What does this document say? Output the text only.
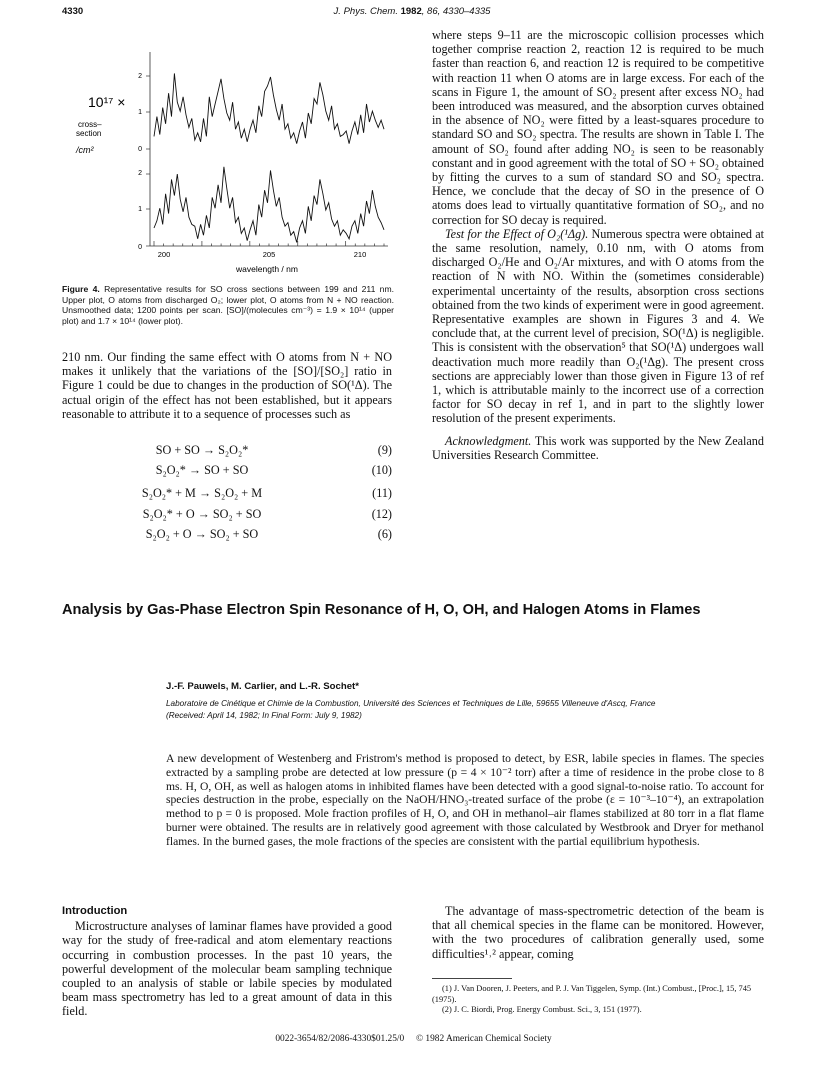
4330	J. Phys. Chem. 1982, 86, 4330–4335
10¹⁷ ×
cross–
section
/cm²
2
1
0
2
1
0
200	205	210
wavelength / nm
Figure 4. Representative results for SO cross sections between 199 and 211 nm. Upper plot, O atoms from discharged O₂; lower plot, O atoms from N + NO reaction. Unsmoothed data; 1200 points per scan. [SO]/(molecules cm⁻³) = 1.9 × 10¹⁴ (upper plot) and 1.7 × 10¹⁴ (lower plot).

210 nm. Our finding the same effect with O atoms from N + NO makes it unlikely that the variations of the [SO]/[SO₂] ratio in Figure 1 could be due to changes in the production of SO(¹Δ). The actual origin of the effect has not been established, but it appears reasonable to attribute it to a sequence of processes such as

SO + SO → S₂O₂*	(9)
S₂O₂* → SO + SO	(10)
S₂O₂* + M → S₂O₂ + M	(11)
S₂O₂* + O → SO₂ + SO	(12)
S₂O₂ + O → SO₂ + SO	(6)

where steps 9–11 are the microscopic collision processes which together comprise reaction 2, reaction 12 is required to be much faster than reaction 6, and reaction 12 is required to be competitive with reaction 11 when O atoms are in large excess. For each of the scans in Figure 1, the amount of SO₂ present after excess NO₂ had been introduced was measured, and the absorption curves obtained in the absence of NO₂ were fitted by a least-squares procedure to standard SO and SO₂ spectra. The results are shown in Table I. The amount of SO₂ found after adding NO₂ is seen to be reasonably constant and in good agreement with the total of SO + SO₂ obtained by fitting the curves to a sum of standard SO and SO₂ spectra. Hence, we conclude that the decay of SO in the presence of O atoms does lead to virtually quantitative formation of SO₂, and no correction for SO decay is required.

Test for the Effect of O₂(¹Δg). Numerous spectra were obtained at the same resolution, namely, 0.10 nm, with O atoms from discharged O₂/He and O₂/Ar mixtures, and with O atoms from the reaction of N with NO. Within the (sometimes considerable) experimental uncertainty of the results, absorption cross sections obtained from the two kinds of experiment were in good agreement. Representative examples are shown in Figures 3 and 4. We conclude that, at the current level of precision, SO(¹Δ) is negligible. This is consistent with the observation⁵ that SO(¹Δ) undergoes wall deactivation much more readily than O₂(¹Δg). The present cross sections are appreciably lower than those given in Figure 13 of ref 1, which is attributable mainly to the incorrect use of a correction factor for SO decay in ref 1, and in part to the slightly lower resolution of the present experiments.

Acknowledgment. This work was supported by the New Zealand Universities Research Committee.

Analysis by Gas-Phase Electron Spin Resonance of H, O, OH, and Halogen Atoms in Flames
J.-F. Pauwels, M. Carlier, and L.-R. Sochet*
Laboratoire de Cinétique et Chimie de la Combustion, Université des Sciences et Techniques de Lille, 59655 Villeneuve d'Ascq, France
(Received: April 14, 1982; In Final Form: July 9, 1982)
A new development of Westenberg and Fristrom's method is proposed to detect, by ESR, labile species in flames. The species extracted by a sampling probe are detected at low pressure (p = 4 × 10⁻² torr) after a time of residence in the probe close to 8 ms. H, O, OH, as well as halogen atoms in inhibited flames have been detected with a good signal-to-noise ratio. To account for species destruction in the probe, especially on the NaOH/HNO₃-treated surface of the probe (ε = 10⁻³–10⁻⁴), an extrapolation method to p = 0 is proposed. Mole fraction profiles of H, O, and OH in methanol–air flames stabilized at 80 torr in a flat flame burner were obtained. The results are in relatively good agreement with those calculated by Westbrook and Dryer for methanol flames. In the burned gases, the mole fractions of the species are consistent with the partial equilibrium hypothesis.
Introduction

Microstructure analyses of laminar flames have provided a good way for the study of free-radical and atom elementary reactions occurring in combustion processes. In the past 10 years, the powerful development of the molecular beam sampling technique coupled to an analysis of stable or labile species by modulated beam mass spectrometry has led to a great amount of data in this field.

The advantage of mass-spectrometric detection of the beam is that all chemical species in the flame can be monitored. However, with the two procedures of calibration generally used, some difficulties¹˒² appear, coming

(1) J. Van Dooren, J. Peeters, and P. J. Van Tiggelen, Symp. (Int.) Combust., [Proc.], 15, 745 (1975).

(2) J. C. Biordi, Prog. Energy Combust. Sci., 3, 151 (1977).

0022-3654/82/2086-4330$01.25/0 © 1982 American Chemical Society
